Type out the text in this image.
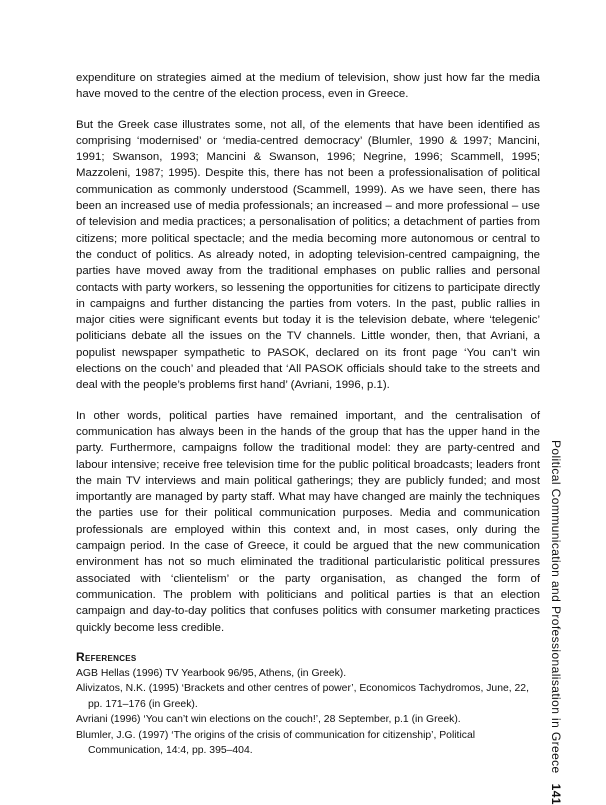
expenditure on strategies aimed at the medium of television, show just how far the media have moved to the centre of the election process, even in Greece.

But the Greek case illustrates some, not all, of the elements that have been identified as comprising ‘modernised’ or ‘media-centred democracy’ (Blumler, 1990 & 1997; Mancini, 1991; Swanson, 1993; Mancini & Swanson, 1996; Negrine, 1996; Scammell, 1995; Mazzoleni, 1987; 1995). Despite this, there has not been a professionalisation of political communication as commonly understood (Scammell, 1999). As we have seen, there has been an increased use of media professionals; an increased – and more professional – use of television and media practices; a personalisation of politics; a detachment of parties from citizens; more political spectacle; and the media becoming more autonomous or central to the conduct of politics. As already noted, in adopting television-centred campaigning, the parties have moved away from the traditional emphases on public rallies and personal contacts with party workers, so lessening the opportunities for citizens to participate directly in campaigns and further distancing the parties from voters. In the past, public rallies in major cities were significant events but today it is the television debate, where ‘telegenic’ politicians debate all the issues on the TV channels. Little wonder, then, that Avriani, a populist newspaper sympathetic to PASOK, declared on its front page ‘You can’t win elections on the couch’ and pleaded that ‘All PASOK officials should take to the streets and deal with the people’s problems first hand’ (Avriani, 1996, p.1).

In other words, political parties have remained important, and the centralisation of communication has always been in the hands of the group that has the upper hand in the party. Furthermore, campaigns follow the traditional model: they are party-centred and labour intensive; receive free television time for the public political broadcasts; leaders front the main TV interviews and main political gatherings; they are publicly funded; and most importantly are managed by party staff. What may have changed are mainly the techniques the parties use for their political communication purposes. Media and communication professionals are employed within this context and, in most cases, only during the campaign period. In the case of Greece, it could be argued that the new communication environment has not so much eliminated the traditional particularistic political pressures associated with ‘clientelism’ or the party organisation, as changed the form of communication. The problem with politicians and political parties is that an election campaign and day-to-day politics that confuses politics with consumer marketing practices quickly become less credible.

References

AGB Hellas (1996) TV Yearbook 96/95, Athens, (in Greek).

Alivizatos, N.K. (1995) ‘Brackets and other centres of power’, Economicos Tachydromos, June, 22, pp. 171–176 (in Greek).

Avriani (1996) ‘You can’t win elections on the couch!’, 28 September, p.1 (in Greek).

Blumler, J.G. (1997) ‘The origins of the crisis of communication for citizenship’, Political Communication, 14:4, pp. 395–404.	Political Communication and Professionalisation in Greece141
